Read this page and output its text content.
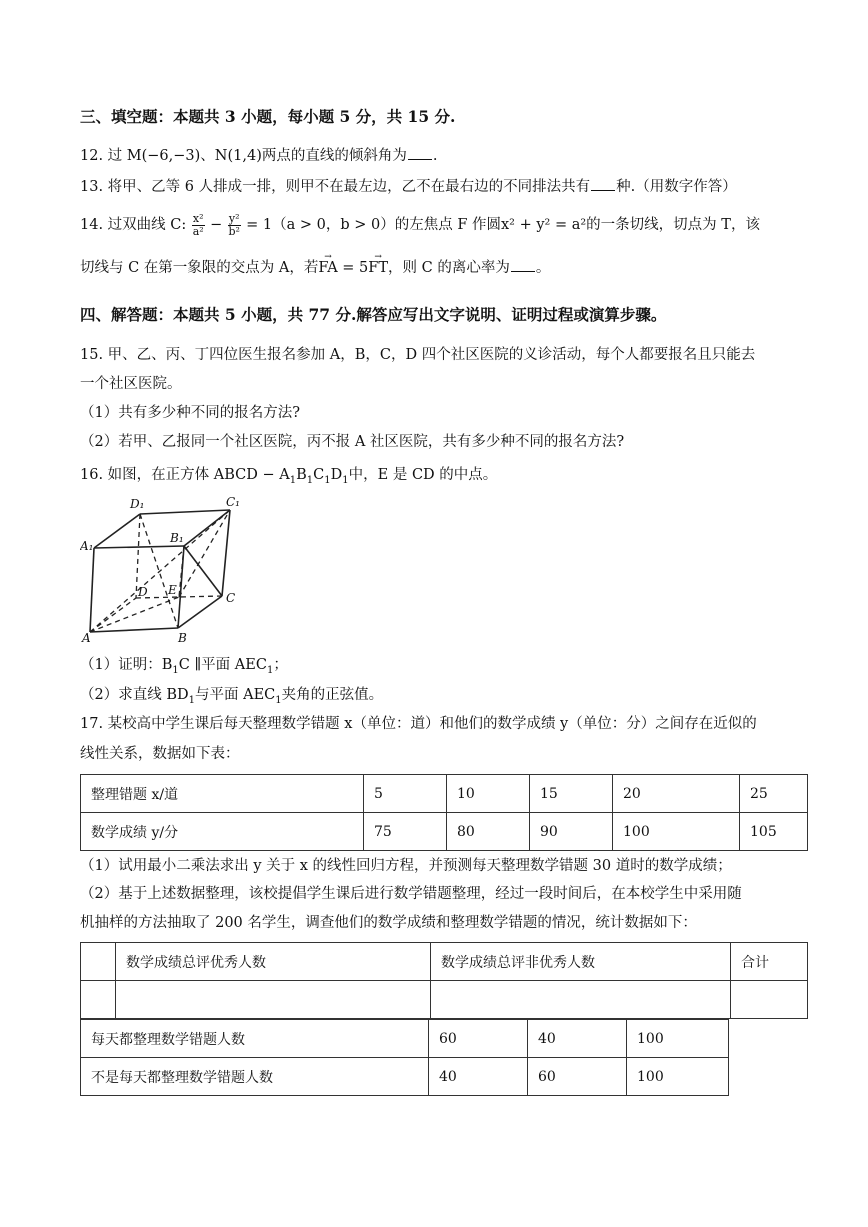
三、填空题：本题共 3 小题，每小题 5 分，共 15 分.
12. 过 M(−6,−3)、N(1,4)两点的直线的倾斜角为 .
13. 将甲、乙等 6 人排成一排，则甲不在最左边，乙不在最右边的不同排法共有 种.（用数字作答）
14. 过双曲线 C: $\frac{\text{x²}}{\text{a²}} - \frac{\text{y²}}{\text{b²}} = 1(a > 0$，b > 0）的左焦点 F 作圆x² + y² = a²的一条切线，切点为 T，该
切线与 C 在第一象限的交点为 A，若→ FA = 5→ FT，则 C 的离心率为 。
四、解答题：本题共 5 小题，共 77 分.解答应写出文字说明、证明过程或演算步骤。
15. 甲、乙、丙、丁四位医生报名参加 A，B，C，D 四个社区医院的义诊活动，每个人都要报名且只能去
一个社区医院。
（1）共有多少种不同的报名方法?
（2）若甲、乙报同一个社区医院，丙不报 A 社区医院，共有多少种不同的报名方法?
16. 如图，在正方体 ABCD − $A_1B_1C_1D_1$中，E 是 CD 的中点。
D₁	C₁
A₁
B₁
D E
C
A	B
（1）证明：$B_1C$ ∥平面 $AEC_1$；
（2）求直线 $BD_1$与平面 $AEC_1$夹角的正弦值。
17. 某校高中学生课后每天整理数学错题 x（单位：道）和他们的数学成绩 y（单位：分）之间存在近似的
线性关系，数据如下表：
整理错题 x/道	5	10	15	20	25
数学成绩 y/分	75	80	90	100	105
（1）试用最小二乘法求出 y 关于 x 的线性回归方程，并预测每天整理数学错题 30 道时的数学成绩；
（2）基于上述数据整理，该校提倡学生课后进行数学错题整理，经过一段时间后，在本校学生中采用随
机抽样的方法抽取了 200 名学生，调查他们的数学成绩和整理数学错题的情况，统计数据如下：
	数学成绩总评优秀人数	数学成绩总评非优秀人数	合计

每天都整理数学错题人数	60	40	100
不是每天都整理数学错题人数	40	60	100
